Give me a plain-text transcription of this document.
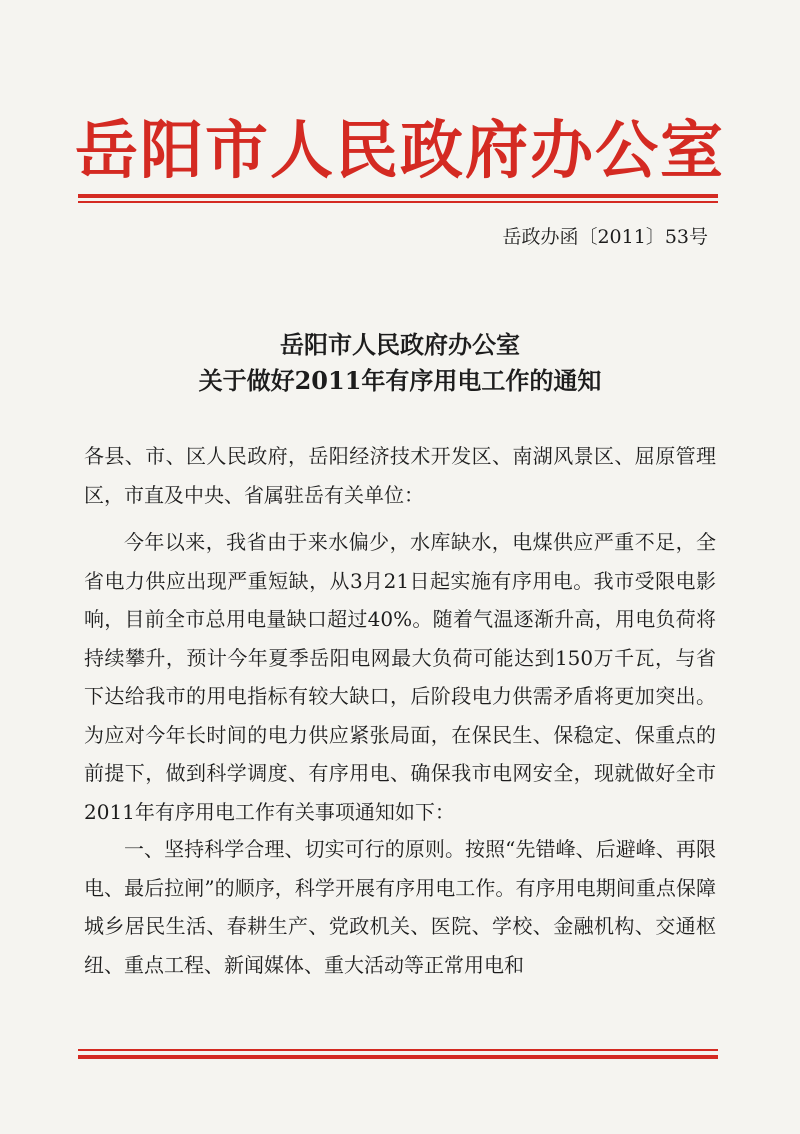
岳阳市人民政府办公室
岳政办函〔2011〕53号
岳阳市人民政府办公室
关于做好2011年有序用电工作的通知

各县、市、区人民政府，岳阳经济技术开发区、南湖风景区、屈原管理区，市直及中央、省属驻岳有关单位：

今年以来，我省由于来水偏少，水库缺水，电煤供应严重不足，全省电力供应出现严重短缺，从3月21日起实施有序用电。我市受限电影响，目前全市总用电量缺口超过40%。随着气温逐渐升高，用电负荷将持续攀升，预计今年夏季岳阳电网最大负荷可能达到150万千瓦，与省下达给我市的用电指标有较大缺口，后阶段电力供需矛盾将更加突出。为应对今年长时间的电力供应紧张局面，在保民生、保稳定、保重点的前提下，做到科学调度、有序用电、确保我市电网安全，现就做好全市2011年有序用电工作有关事项通知如下：

一、坚持科学合理、切实可行的原则。按照“先错峰、后避峰、再限电、最后拉闸”的顺序，科学开展有序用电工作。有序用电期间重点保障城乡居民生活、春耕生产、党政机关、医院、学校、金融机构、交通枢纽、重点工程、新闻媒体、重大活动等正常用电和
